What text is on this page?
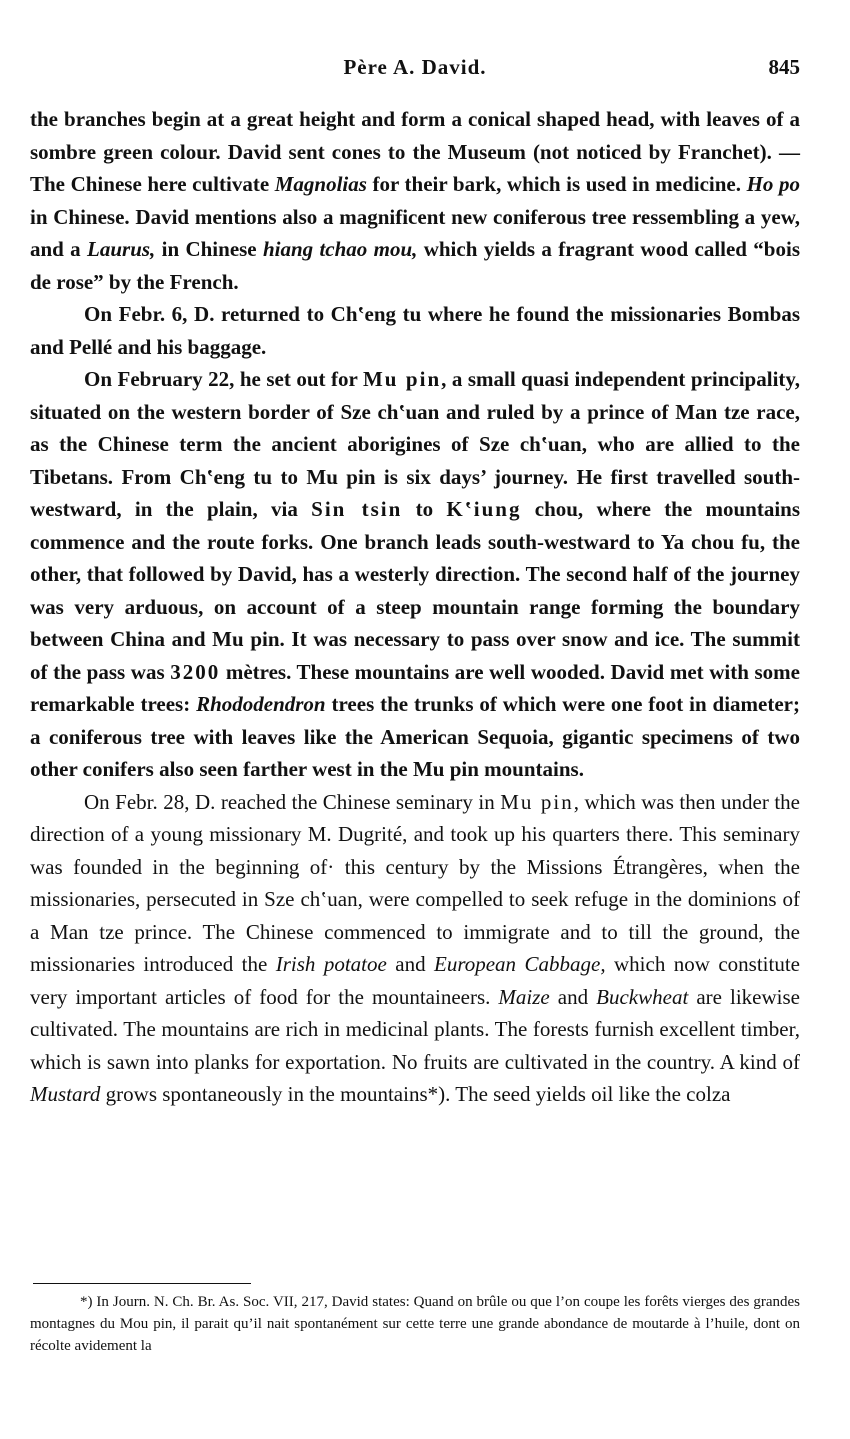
Père A. David.	845

the branches begin at a great height and form a conical shaped head, with leaves of a sombre green colour. David sent cones to the Museum (not noticed by Franchet). — The Chinese here cultivate Magnolias for their bark, which is used in medicine. Ho po in Chinese. David mentions also a magnificent new coniferous tree ressembling a yew, and a Laurus, in Chinese hiang tchao mou, which yields a fragrant wood called “bois de rose” by the French.

On Febr. 6, D. returned to Chʽeng tu where he found the missionaries Bombas and Pellé and his baggage.

On February 22, he set out for Mu pin, a small quasi independent principality, situated on the western border of Sze chʽuan and ruled by a prince of Man tze race, as the Chinese term the ancient aborigines of Sze chʽuan, who are allied to the Tibetans. From Chʽeng tu to Mu pin is six days’ journey. He first travelled south-westward, in the plain, via Sin tsin to Kʽiung chou, where the mountains commence and the route forks. One branch leads south-westward to Ya chou fu, the other, that followed by David, has a westerly direction. The second half of the journey was very arduous, on account of a steep mountain range forming the boundary between China and Mu pin. It was necessary to pass over snow and ice. The summit of the pass was 3200 mètres. These mountains are well wooded. David met with some remarkable trees: Rhododendron trees the trunks of which were one foot in diameter; a coniferous tree with leaves like the American Sequoia, gigantic specimens of two other conifers also seen farther west in the Mu pin mountains.

On Febr. 28, D. reached the Chinese seminary in Mu pin, which was then under the direction of a young missionary M. Dugrité, and took up his quarters there. This seminary was founded in the beginning of· this century by the Missions Étrangères, when the missionaries, persecuted in Sze chʽuan, were compelled to seek refuge in the dominions of a Man tze prince. The Chinese commenced to immigrate and to till the ground, the missionaries introduced the Irish potatoe and European Cabbage, which now constitute very important articles of food for the mountaineers. Maize and Buckwheat are likewise cultivated. The mountains are rich in medicinal plants. The forests furnish excellent timber, which is sawn into planks for exportation. No fruits are cultivated in the country. A kind of Mustard grows spontaneously in the mountains*). The seed yields oil like the colza

*) In Journ. N. Ch. Br. As. Soc. VII, 217, David states: Quand on brûle ou que l’on coupe les forêts vierges des grandes montagnes du Mou pin, il parait qu’il nait spontanément sur cette terre une grande abondance de moutarde à l’huile, dont on récolte avidement la
